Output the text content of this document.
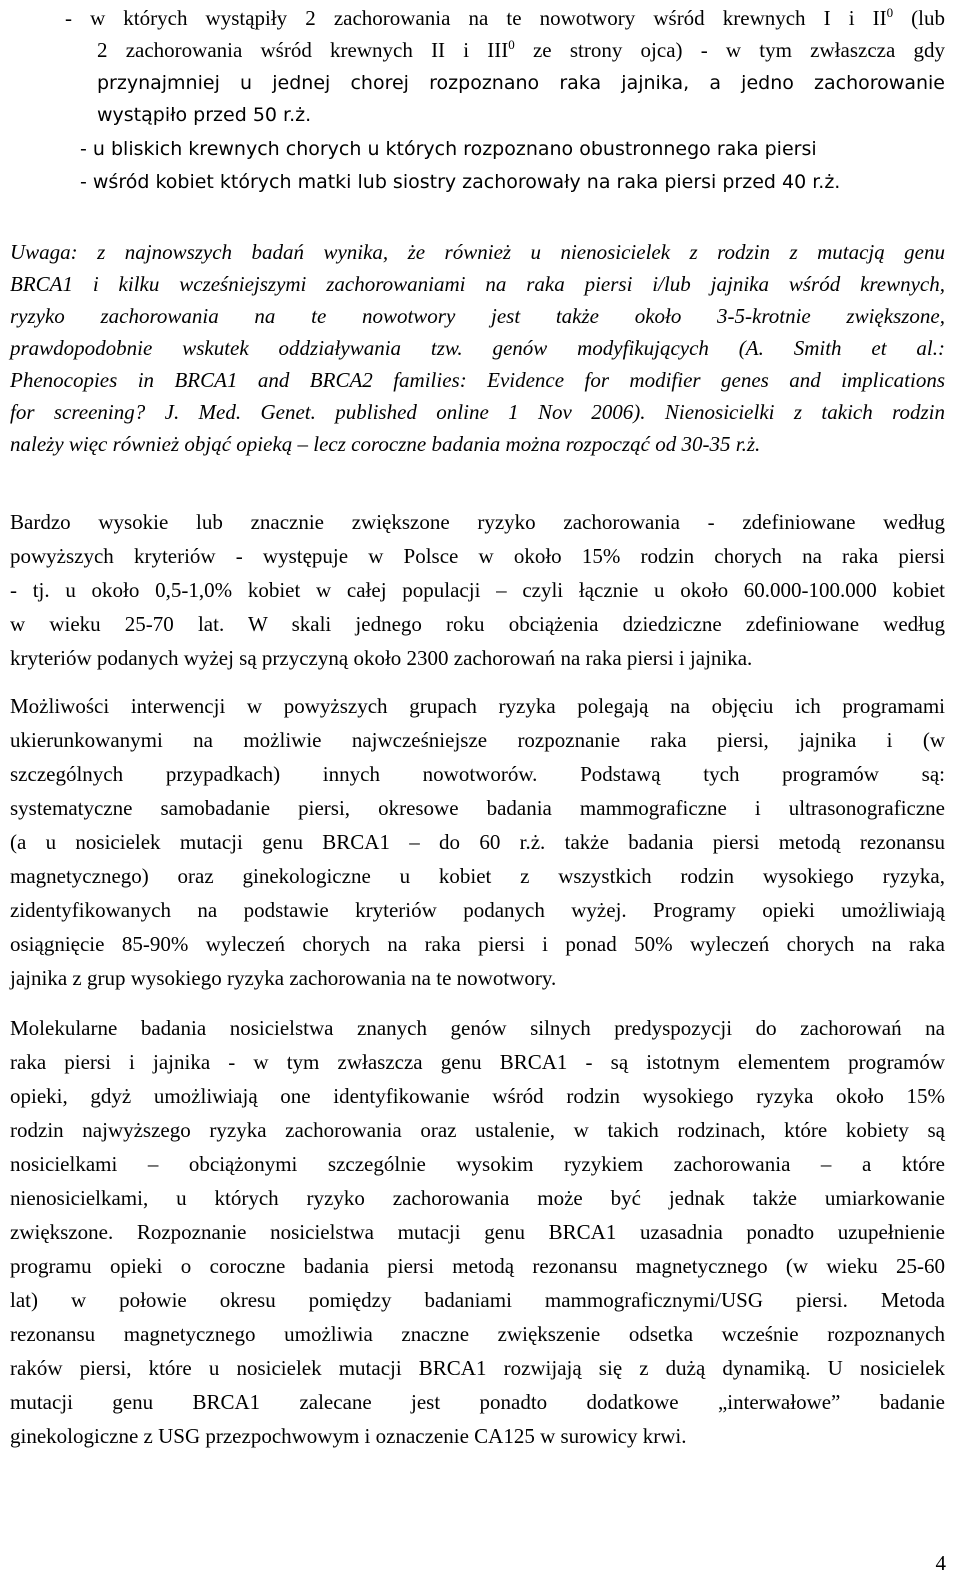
- w których wystąpiły 2 zachorowania na te nowotwory wśród krewnych I i $II^0$ (lub
2 zachorowania wśród krewnych II i III$^0$ ze strony ojca) - w tym zwłaszcza gdy
przynajmniej u jednej chorej rozpoznano raka jajnika, a jedno zachorowanie
wystąpiło przed 50 r.ż.
- u bliskich krewnych chorych u których rozpoznano obustronnego raka piersi
- wśród kobiet których matki lub siostry zachorowały na raka piersi przed 40 r.ż.
Uwaga: z najnowszych badań wynika, że również u nienosicielek z rodzin z mutacją genu
BRCA1 i kilku wcześniejszymi zachorowaniami na raka piersi i/lub jajnika wśród krewnych,
ryzyko zachorowania na te nowotwory jest także około 3-5-krotnie zwiększone,
prawdopodobnie wskutek oddziaływania tzw. genów modyfikujących (A. Smith et al.:
Phenocopies in BRCA1 and BRCA2 families: Evidence for modifier genes and implications
for screening? J. Med. Genet. published online 1 Nov 2006). Nienosicielki z takich rodzin
należy więc również objąć opieką – lecz coroczne badania można rozpocząć od 30-35 r.ż.
Bardzo wysokie lub znacznie zwiększone ryzyko zachorowania - zdefiniowane według
powyższych kryteriów - występuje w Polsce w około 15% rodzin chorych na raka piersi
- tj. u około 0,5-1,0% kobiet w całej populacji – czyli łącznie u około 60.000-100.000 kobiet
w wieku 25-70 lat. W skali jednego roku obciążenia dziedziczne zdefiniowane według
kryteriów podanych wyżej są przyczyną około 2300 zachorowań na raka piersi i jajnika.
Możliwości interwencji w powyższych grupach ryzyka polegają na objęciu ich programami
ukierunkowanymi na możliwie najwcześniejsze rozpoznanie raka piersi, jajnika i (w
szczególnych przypadkach) innych nowotworów. Podstawą tych programów są:
systematyczne samobadanie piersi, okresowe badania mammograficzne i ultrasonograficzne
(a u nosicielek mutacji genu BRCA1 – do 60 r.ż. także badania piersi metodą rezonansu
magnetycznego) oraz ginekologiczne u kobiet z wszystkich rodzin wysokiego ryzyka,
zidentyfikowanych na podstawie kryteriów podanych wyżej. Programy opieki umożliwiają
osiągnięcie 85-90% wyleczeń chorych na raka piersi i ponad 50% wyleczeń chorych na raka
jajnika z grup wysokiego ryzyka zachorowania na te nowotwory.
Molekularne badania nosicielstwa znanych genów silnych predyspozycji do zachorowań na
raka piersi i jajnika - w tym zwłaszcza genu BRCA1 - są istotnym elementem programów
opieki, gdyż umożliwiają one identyfikowanie wśród rodzin wysokiego ryzyka około 15%
rodzin najwyższego ryzyka zachorowania oraz ustalenie, w takich rodzinach, które kobiety są
nosicielkami – obciążonymi szczególnie wysokim ryzykiem zachorowania – a które
nienosicielkami, u których ryzyko zachorowania może być jednak także umiarkowanie
zwiększone. Rozpoznanie nosicielstwa mutacji genu BRCA1 uzasadnia ponadto uzupełnienie
programu opieki o coroczne badania piersi metodą rezonansu magnetycznego (w wieku 25-60
lat) w połowie okresu pomiędzy badaniami mammograficznymi/USG piersi. Metoda
rezonansu magnetycznego umożliwia znaczne zwiększenie odsetka wcześnie rozpoznanych
raków piersi, które u nosicielek mutacji BRCA1 rozwijają się z dużą dynamiką. U nosicielek
mutacji genu BRCA1 zalecane jest ponadto dodatkowe „interwałowe” badanie
ginekologiczne z USG przezpochwowym i oznaczenie CA125 w surowicy krwi.
4
